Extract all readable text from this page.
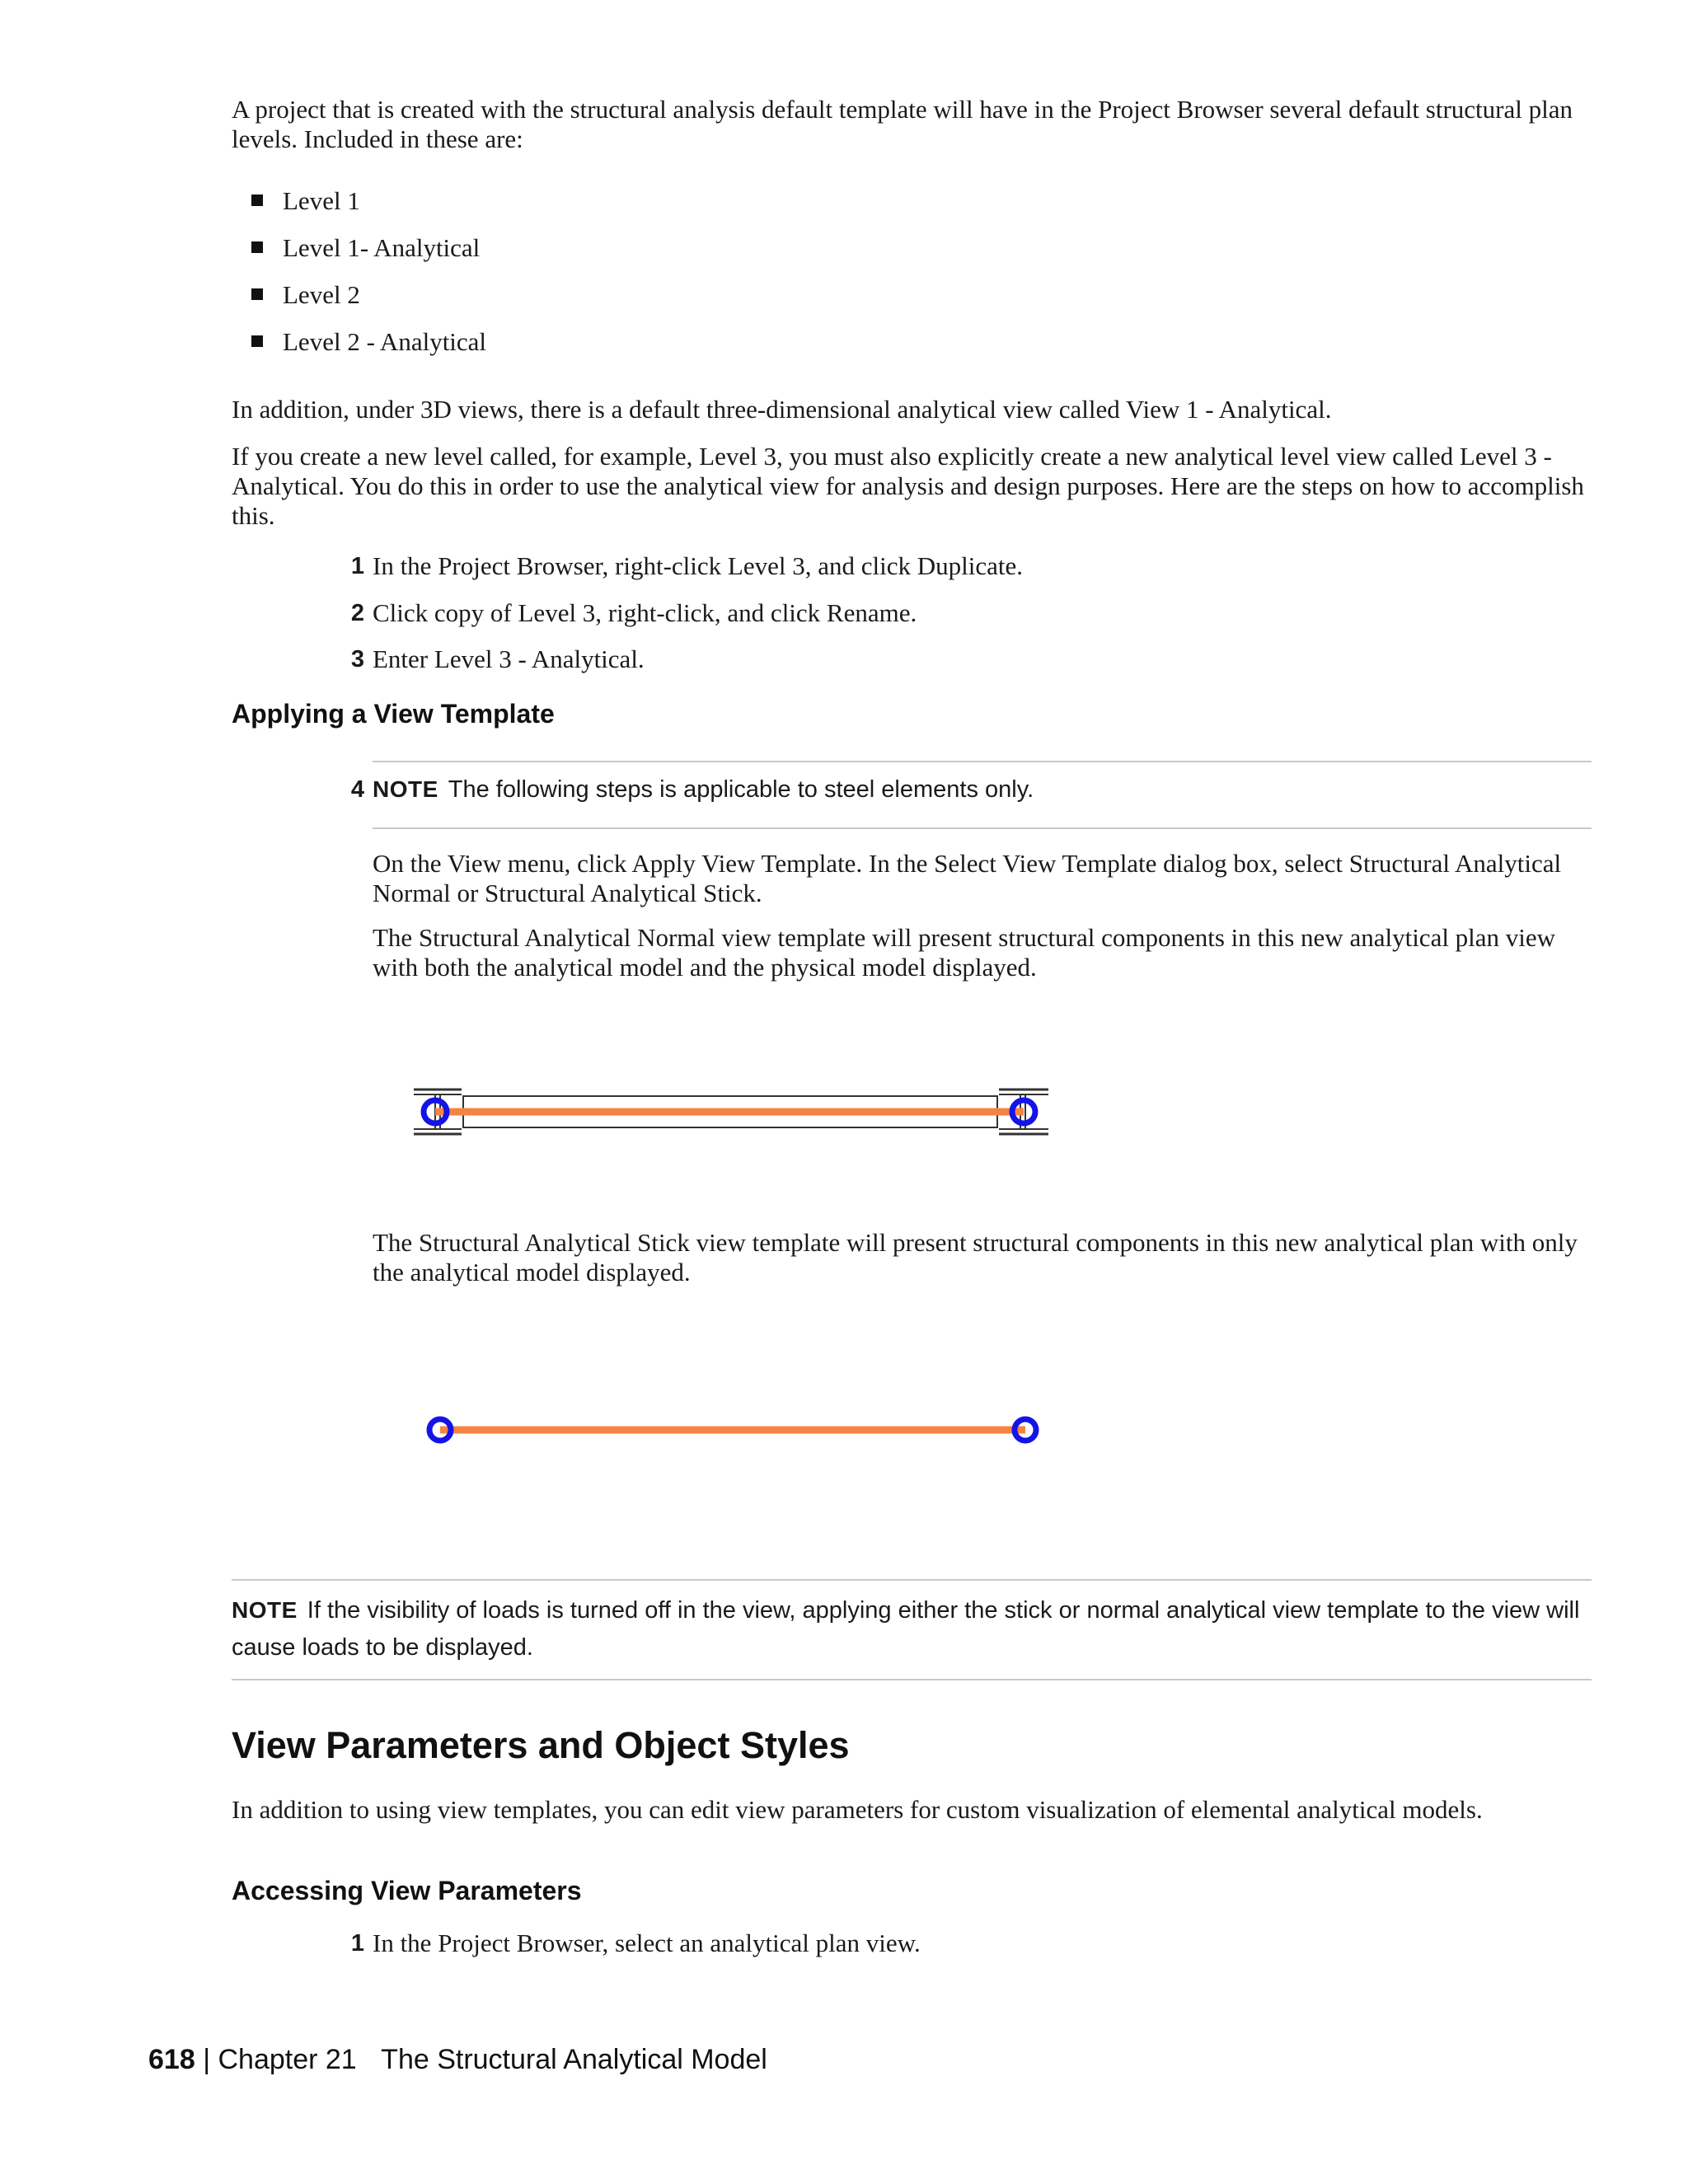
A project that is created with the structural analysis default template will have in the Project Browser several default structural plan levels. Included in these are:
Level 1
Level 1- Analytical
Level 2
Level 2 - Analytical
In addition, under 3D views, there is a default three-dimensional analytical view called View 1 - Analytical.
If you create a new level called, for example, Level 3, you must also explicitly create a new analytical level view called Level 3 - Analytical. You do this in order to use the analytical view for analysis and design purposes. Here are the steps on how to accomplish this.
1 In the Project Browser, right-click Level 3, and click Duplicate.
2 Click copy of Level 3, right-click, and click Rename.
3 Enter Level 3 - Analytical.
Applying a View Template
4 NOTE The following steps is applicable to steel elements only.
On the View menu, click Apply View Template. In the Select View Template dialog box, select Structural Analytical Normal or Structural Analytical Stick.
The Structural Analytical Normal view template will present structural components in this new analytical plan view with both the analytical model and the physical model displayed.
The Structural Analytical Stick view template will present structural components in this new analytical plan with only the analytical model displayed.
NOTE If the visibility of loads is turned off in the view, applying either the stick or normal analytical view template to the view will cause loads to be displayed.
View Parameters and Object Styles
In addition to using view templates, you can edit view parameters for custom visualization of elemental analytical models.
Accessing View Parameters
1 In the Project Browser, select an analytical plan view.
618 | Chapter 21 The Structural Analytical Model
